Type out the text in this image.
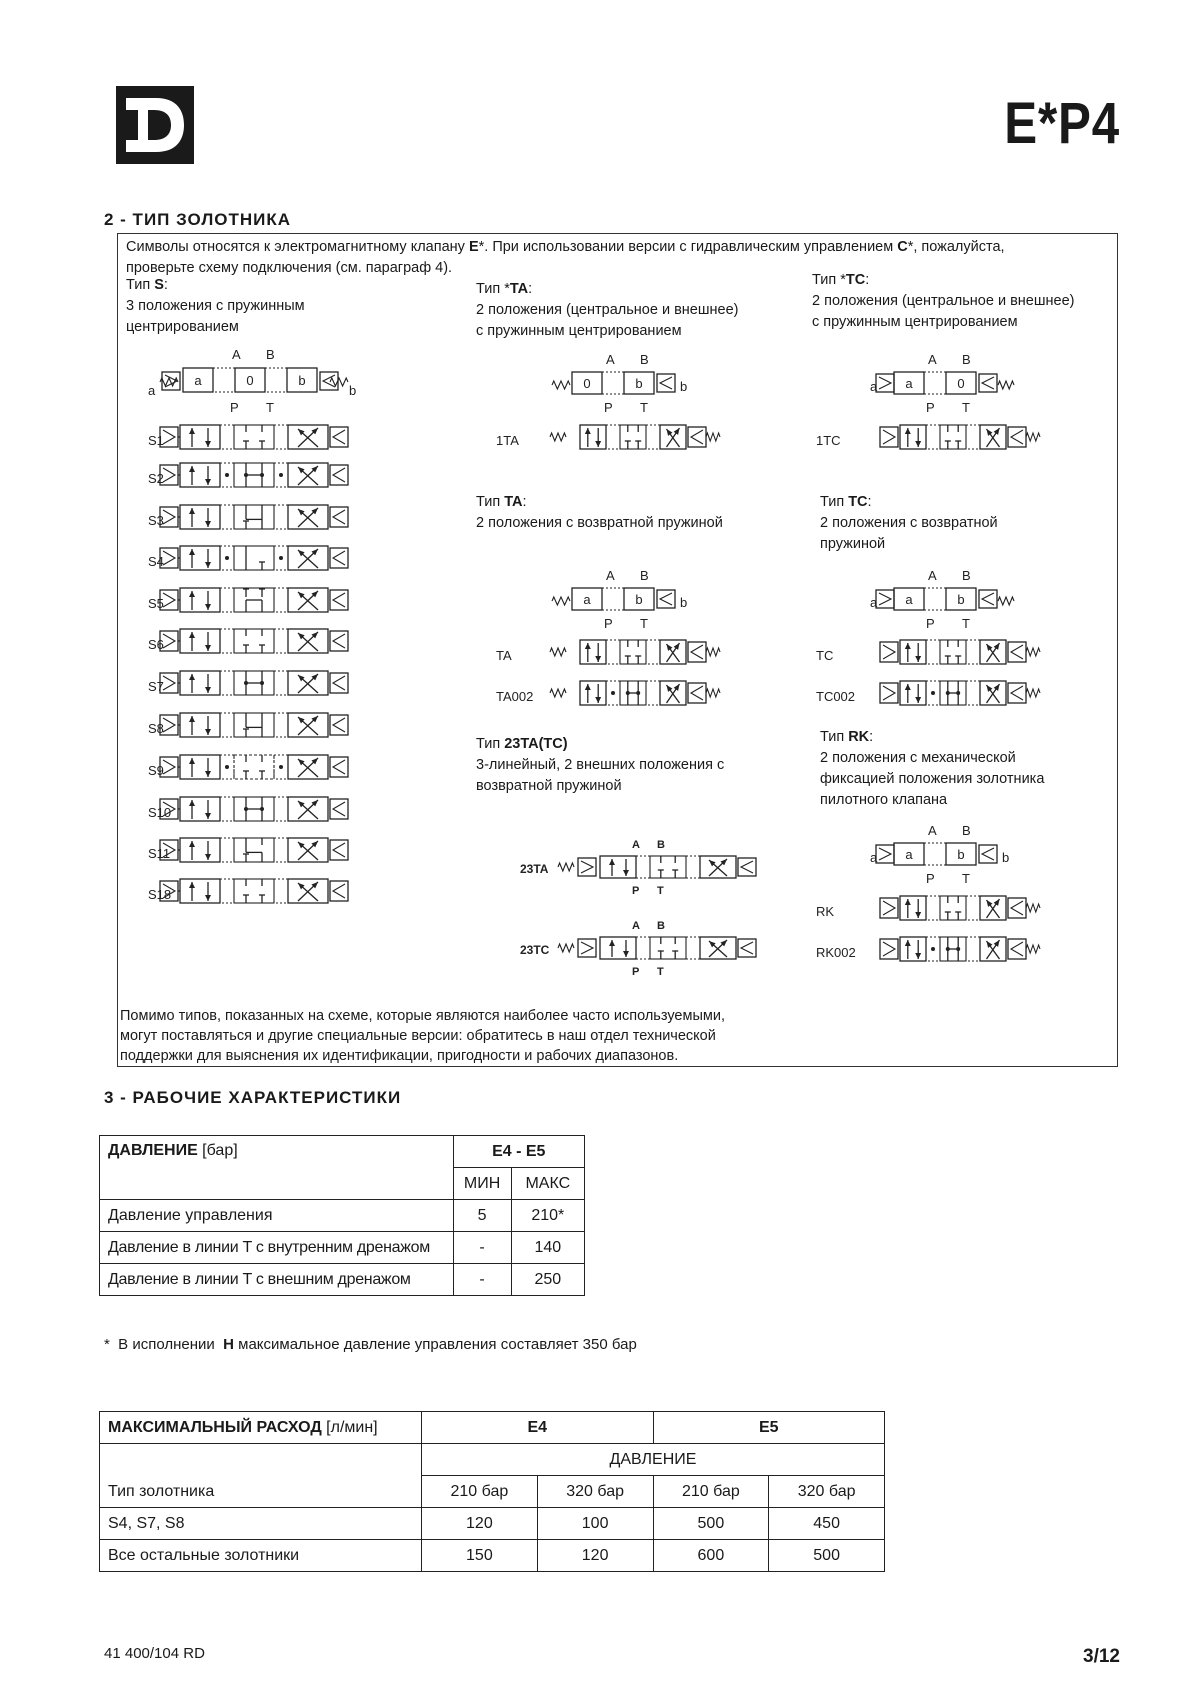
E*P4
2 - ТИП ЗОЛОТНИКА
Символы относятся к электромагнитному клапану E*. При использовании версии с гидравлическим управлением C*, пожалуйста,
проверьте схему подключения (см. параграф 4).
Тип S:
3 положения с пружинным
центрированием
Тип *TA:
2 положения (центральное и внешнее)
с пружинным центрированием
Тип *TC:
2 положения (центральное и внешнее)
с пружинным центрированием
Тип TA:
2 положения с возвратной пружиной
Тип TC:
2 положения с возвратной
пружиной
Тип 23TA(TC)
3-линейный, 2 внешних положения с
возвратной пружиной
Тип RK:
2 положения с механической
фиксацией положения золотника
пилотного клапана
A B
a
a	0	b
b
P T
S1
S2
S3
S4
S5
S6
S7
S8
S9
S10
S11
S18
A B
0	b	b
P T
1TA
A B
a a	0
P T
1TC
A B
a	b	b
P T
TA
TA002
A B
a a	b
P T
TC
TC002
A B
a a	b	b
P T
RK
RK002
23TA
A B
P T
23TC
A B
P T
Помимо типов, показанных на схеме, которые являются наиболее часто используемыми,
могут поставляться и другие специальные версии: обратитесь в наш отдел технической
поддержки для выяснения их идентификации, пригодности и рабочих диапазонов.
3 - РАБОЧИЕ ХАРАКТЕРИСТИКИ
ДАВЛЕНИЕ [бар]	E4 - E5	
	МИН	МАКС
Давление управления	5	210*
Давление в линии T с внутренним дренажом	-	140
Давление в линии T с внешним дренажом	-	250
*  В исполнении  H максимальное давление управления составляет 350 бар
МАКСИМАЛЬНЫЙ РАСХОД [л/мин]	E4		E5	
Тип золотника	ДАВЛЕНИЕ			
	210 бар	320 бар	210 бар	320 бар
S4, S7, S8	120	100	500	450
Все остальные золотники	150	120	600	500
41 400/104 RD	3/12
